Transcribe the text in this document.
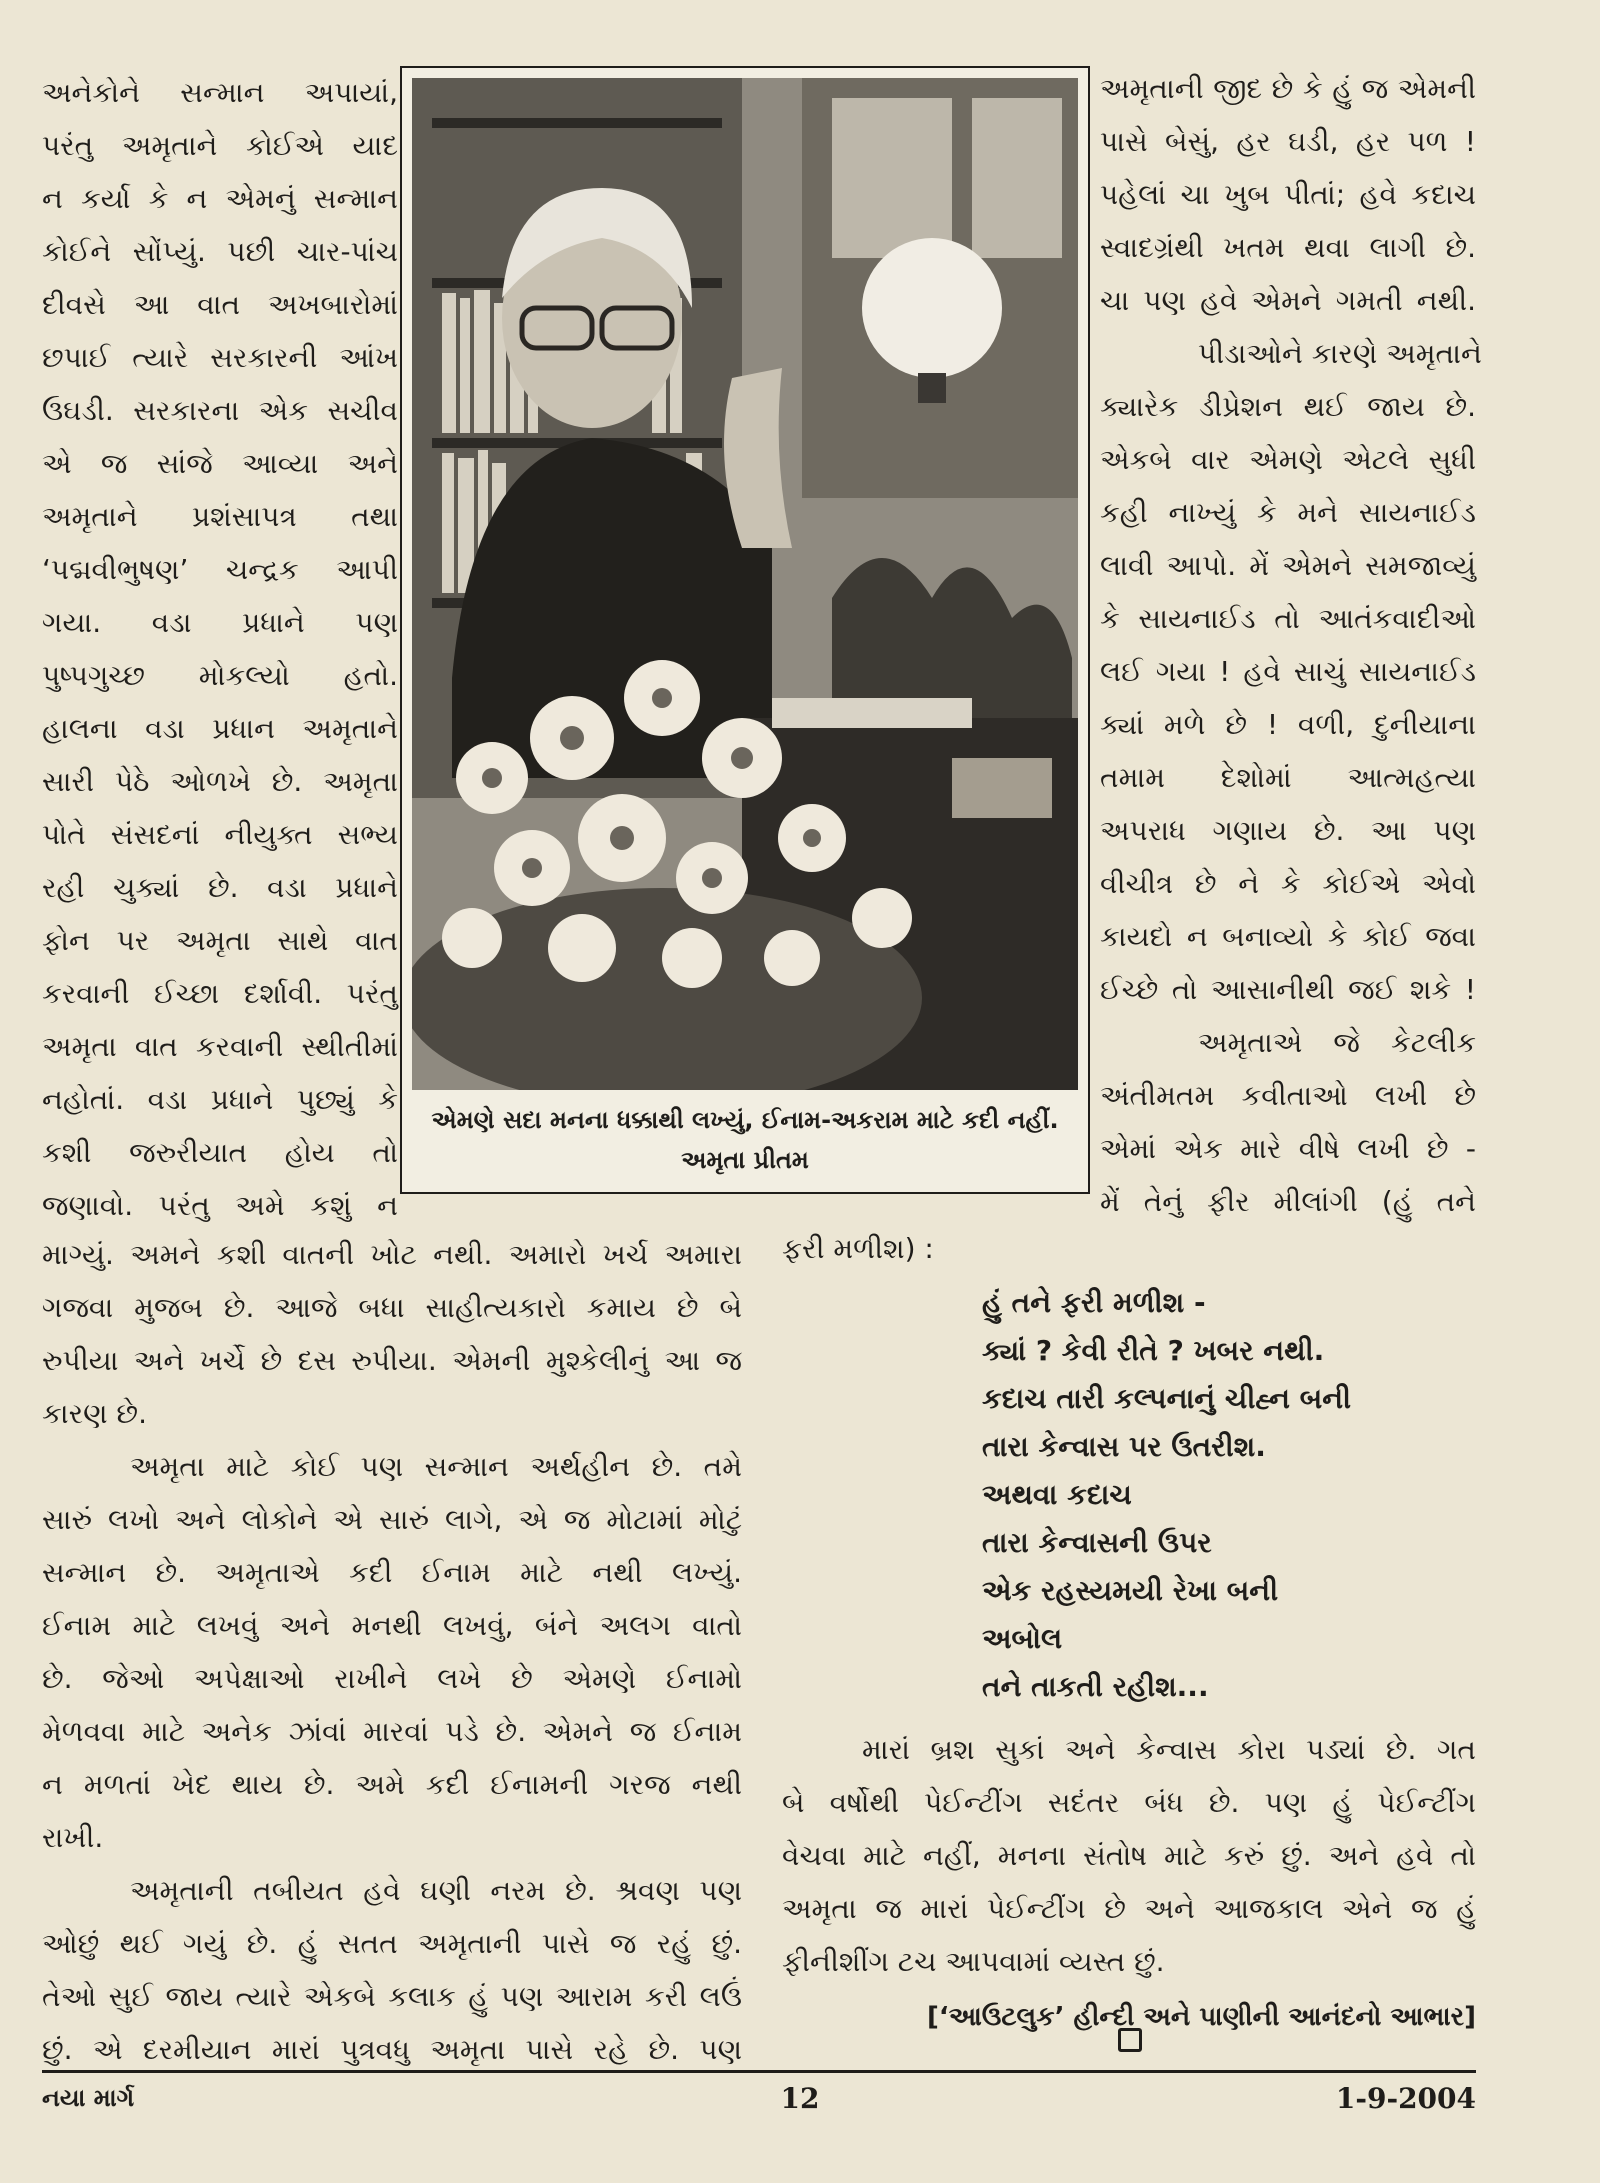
અનેકોને સન્માન અપાયાં,
પરંતુ અમૃતાને કોઈએ યાદ
ન કર્યા કે ન એમનું સન્માન
કોઈને સોંપ્યું. પછી ચાર-પાંચ
દીવસે આ વાત અખબારોમાં
છપાઈ ત્યારે સરકારની આંખ
ઉઘડી. સરકારના એક સચીવ
એ જ સાંજે આવ્યા અને
અમૃતાને પ્રશંસાપત્ર તથા
‘પદ્મવીભુષણ’ ચન્દ્રક આપી
ગયા. વડા પ્રધાને પણ
પુષ્પગુચ્છ મોકલ્યો હતો.
હાલના વડા પ્રધાન અમૃતાને
સારી પેઠે ઓળખે છે. અમૃતા
પોતે સંસદનાં નીયુક્ત સભ્ય
રહી ચુક્યાં છે. વડા પ્રધાને
ફોન પર અમૃતા સાથે વાત
કરવાની ઈચ્છા દર્શાવી. પરંતુ
અમૃતા વાત કરવાની સ્થીતીમાં
નહોતાં. વડા પ્રધાને પુછ્યું કે
કશી જરુરીયાત હોય તો
જણાવો. પરંતુ અમે કશું ન
એમણે સદા મનના ધક્કાથી લખ્યું, ઈનામ-અકરામ માટે કદી નહીં.
અમૃતા પ્રીતમ
અમૃતાની જીદ છે કે હું જ એમની
પાસે બેસું, હર ઘડી, હર પળ !
પહેલાં ચા ખુબ પીતાં; હવે કદાચ
સ્વાદગ્રંથી ખતમ થવા લાગી છે.
ચા પણ હવે એમને ગમતી નથી.
પીડાઓને કારણે અમૃતાને
ક્યારેક ડીપ્રેશન થઈ જાય છે.
એકબે વાર એમણે એટલે સુધી
કહી નાખ્યું કે મને સાયનાઈડ
લાવી આપો. મેં એમને સમજાવ્યું
કે સાયનાઈડ તો આતંકવાદીઓ
લઈ ગયા ! હવે સાચું સાયનાઈડ
ક્યાં મળે છે ! વળી, દુનીયાના
તમામ દેશોમાં આત્મહત્યા
અપરાધ ગણાય છે. આ પણ
વીચીત્ર છે ને કે કોઈએ એવો
કાયદો ન બનાવ્યો કે કોઈ જવા
ઈચ્છે તો આસાનીથી જઈ શકે !
અમૃતાએ જે કેટલીક
અંતીમતમ કવીતાઓ લખી છે
એમાં એક મારે વીષે લખી છે -
મેં તેનું ફીર મીલાંગી (હું તને
માગ્યું. અમને કશી વાતની ખોટ નથી. અમારો ખર્ચ અમારા
ગજવા મુજબ છે. આજે બધા સાહીત્યકારો કમાય છે બે
રુપીયા અને ખર્ચે છે દસ રુપીયા. એમની મુશ્કેલીનું આ જ
કારણ છે.
અમૃતા માટે કોઈ પણ સન્માન અર્થહીન છે. તમે
સારું લખો અને લોકોને એ સારું લાગે, એ જ મોટામાં મોટું
સન્માન છે. અમૃતાએ કદી ઈનામ માટે નથી લખ્યું.
ઈનામ માટે લખવું અને મનથી લખવું, બંને અલગ વાતો
છે. જેઓ અપેક્ષાઓ રાખીને લખે છે એમણે ઈનામો
મેળવવા માટે અનેક ઝાંવાં મારવાં પડે છે. એમને જ ઈનામ
ન મળતાં ખેદ થાય છે. અમે કદી ઈનામની ગરજ નથી
રાખી.
અમૃતાની તબીયત હવે ઘણી નરમ છે. શ્રવણ પણ
ઓછું થઈ ગયું છે. હું સતત અમૃતાની પાસે જ રહું છું.
તેઓ સુઈ જાય ત્યારે એકબે કલાક હું પણ આરામ કરી લઉં
છું. એ દરમીયાન મારાં પુત્રવધુ અમૃતા પાસે રહે છે. પણ
ફરી મળીશ) :
હું તને ફરી મળીશ -
ક્યાં ? કેવી રીતે ? ખબર નથી.
કદાચ તારી કલ્પનાનું ચીહ્ન બની
તારા કેન્વાસ પર ઉતરીશ.
અથવા કદાચ
તારા કેન્વાસની ઉપર
એક રહસ્યમયી રેખા બની
અબોલ
તને તાકતી રહીશ...
મારાં બ્રશ સુકાં અને કેન્વાસ કોરા પડ્યાં છે. ગત
બે વર્ષોથી પેઈન્ટીંગ સદંતર બંધ છે. પણ હું પેઈન્ટીંગ
વેચવા માટે નહીં, મનના સંતોષ માટે કરું છું. અને હવે તો
અમૃતા જ મારાં પેઈન્ટીંગ છે અને આજકાલ એને જ હું
ફીનીશીંગ ટચ આપવામાં વ્યસ્ત છું.
[‘આઉટલુક’ હીન્દી અને પાણીની આનંદનો આભાર]
નયા માર્ગ	12	1-9-2004
